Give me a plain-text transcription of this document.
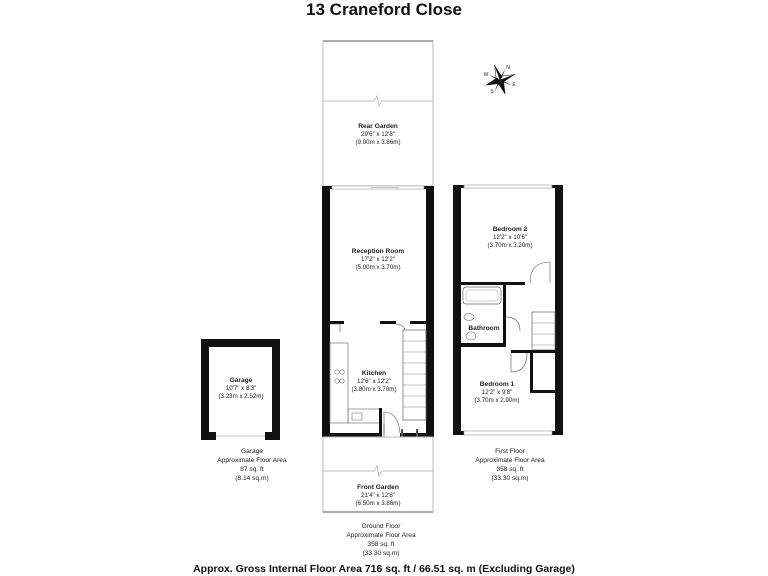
13 Craneford Close
Rear Garden
29'6" x 12'8"
(9.00m x 3.86m)
Reception Room
17'2" x 12'2"
(5.00m x 3.70m)
Kitchen
12'6" x 12'2"
(3.80m x 3.70m)
Front Garden
21'4" x 12'8"
(6.50m x 3.86m)
Garage
10'7" x 8'3"
(3.23m x 2.52m)
Bedroom 2
12'2" x 10'6"
(3.70m x 3.20m)
Bathroom
Bedroom 1
12'2" x 9'8"
(3.70m x 2.90m)
N
E
S
W
Garage
Approximate Floor Area
87 sq. ft
(8.14 sq.m)
Ground Floor
Approximate Floor Area
358 sq. ft
(33.30 sq.m)
First Floor
Approximate Floor Area
358 sq. ft
(33.30 sq.m)
Approx. Gross Internal Floor Area 716 sq. ft / 66.51 sq. m (Excluding Garage)
